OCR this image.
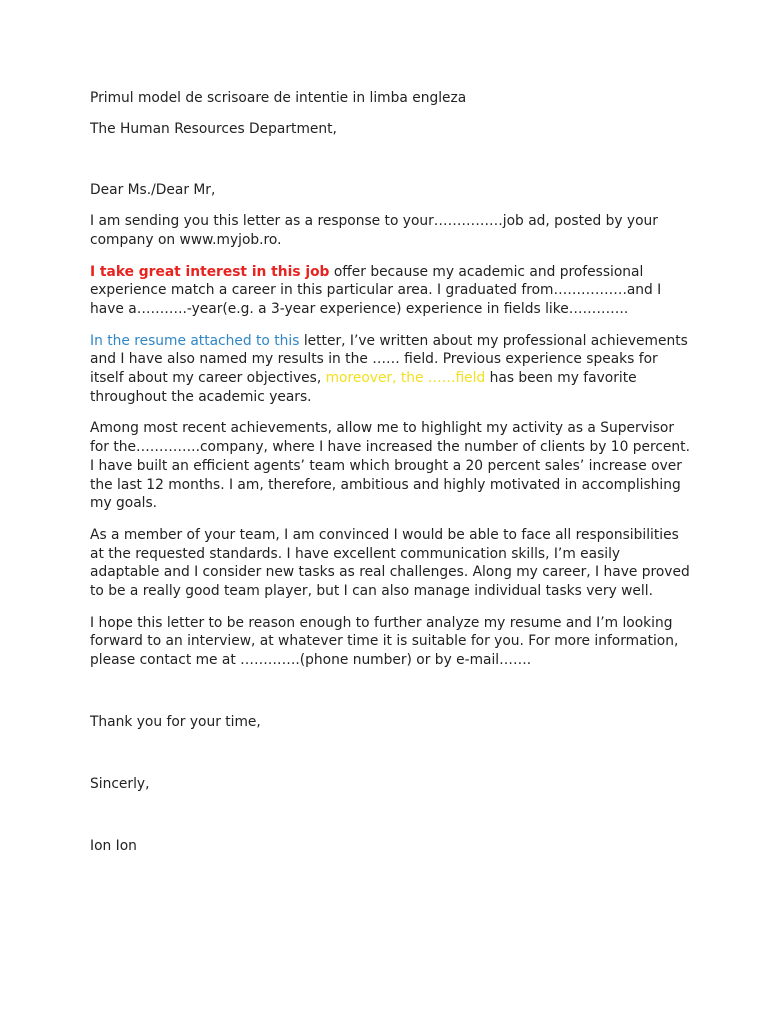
Primul model de scrisoare de intentie in limba engleza

The Human Resources Department,

Dear Ms./Dear Mr,

I am sending you this letter as a response to your……………job ad, posted by your company on www.myjob.ro.

I take great interest in this job offer because my academic and professional experience match a career in this particular area. I graduated from…………….and I have a………..-year(e.g. a 3-year experience) experience in fields like………….

In the resume attached to this letter, I’ve written about my professional achievements and I have also named my results in the …… field. Previous experience speaks for itself about my career objectives, moreover, the ……field has been my favorite throughout the academic years.

Among most recent achievements, allow me to highlight my activity as a Supervisor for the…………..company, where I have increased the number of clients by 10 percent. I have built an efficient agents’ team which brought a 20 percent sales’ increase over the last 12 months. I am, therefore, ambitious and highly motivated in accomplishing my goals.

As a member of your team, I am convinced I would be able to face all responsibilities at the requested standards. I have excellent communication skills, I’m easily adaptable and I consider new tasks as real challenges. Along my career, I have proved to be a really good team player, but I can also manage individual tasks very well.

I hope this letter to be reason enough to further analyze my resume and I’m looking forward to an interview, at whatever time it is suitable for you. For more information, please contact me at ………….(phone number) or by e-mail…….

Thank you for your time,

Sincerly,

Ion Ion
